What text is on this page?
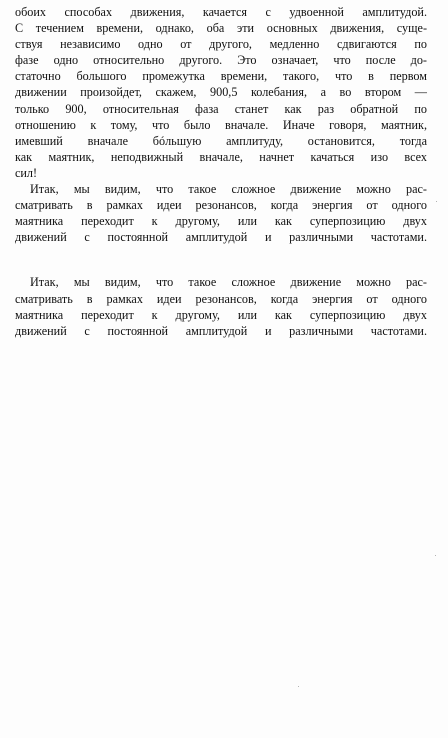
обоих способах движения, качается с удвоенной амплитудой.
С течением времени, однако, оба эти основных движения, суще-
ствуя независимо одно от другого, медленно сдвигаются по
фазе одно относительно другого. Это означает, что после до-
статочно большого промежутка времени, такого, что в первом
движении произойдет, скажем, 900,5 колебания, а во втором —
только 900, относительная фаза станет как раз обратной по
отношению к тому, что было вначале. Иначе говоря, маятник,
имевший вначале бóльшую амплитуду, остановится, тогда
как маятник, неподвижный вначале, начнет качаться изо всех
сил!
Итак, мы видим, что такое сложное движение можно рас-
сматривать в рамках идеи резонансов, когда энергия от одного
маятника переходит к другому, или как суперпозицию двух
движений с постоянной амплитудой и различными частотами.
Итак, мы видим, что такое сложное движение можно рас-
сматривать в рамках идеи резонансов, когда энергия от одного
маятника переходит к другому, или как суперпозицию двух
движений с постоянной амплитудой и различными частотами.
